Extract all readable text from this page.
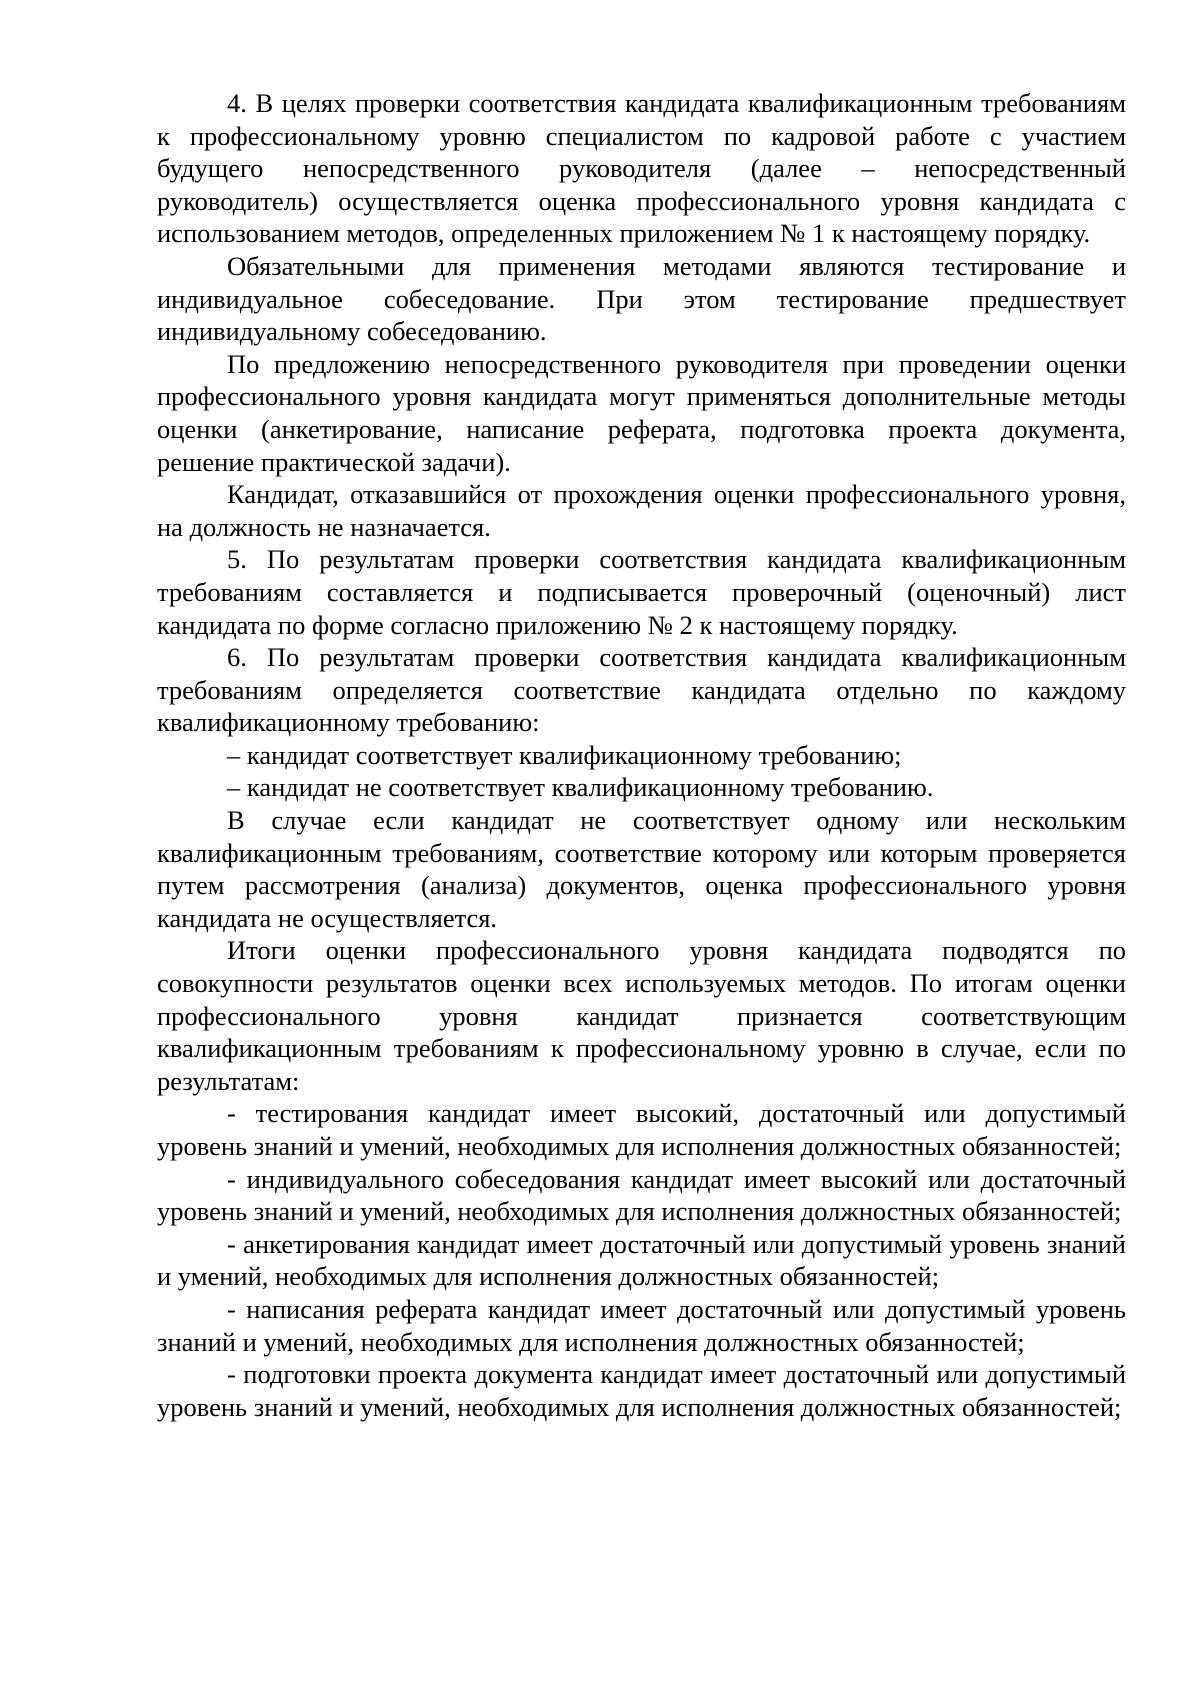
4. В целях проверки соответствия кандидата квалификационным требованиям к профессиональному уровню специалистом по кадровой работе с участием будущего непосредственного руководителя (далее – непосредственный руководитель) осуществляется оценка профессионального уровня кандидата с использованием методов, определенных приложением № 1 к настоящему порядку.

Обязательными для применения методами являются тестирование и индивидуальное собеседование. При этом тестирование предшествует индивидуальному собеседованию.

По предложению непосредственного руководителя при проведении оценки профессионального уровня кандидата могут применяться дополнительные методы оценки (анкетирование, написание реферата, подготовка проекта документа, решение практической задачи).

Кандидат, отказавшийся от прохождения оценки профессионального уровня, на должность не назначается.

5. По результатам проверки соответствия кандидата квалификационным требованиям составляется и подписывается проверочный (оценочный) лист кандидата по форме согласно приложению № 2 к настоящему порядку.

6. По результатам проверки соответствия кандидата квалификационным требованиям определяется соответствие кандидата отдельно по каждому квалификационному требованию:

– кандидат соответствует квалификационному требованию;

– кандидат не соответствует квалификационному требованию.

В случае если кандидат не соответствует одному или нескольким квалификационным требованиям, соответствие которому или которым проверяется путем рассмотрения (анализа) документов, оценка профессионального уровня кандидата не осуществляется.

Итоги оценки профессионального уровня кандидата подводятся по совокупности результатов оценки всех используемых методов. По итогам оценки профессионального уровня кандидат признается соответствующим квалификационным требованиям к профессиональному уровню в случае, если по результатам:

- тестирования кандидат имеет высокий, достаточный или допустимый уровень знаний и умений, необходимых для исполнения должностных обязанностей;

- индивидуального собеседования кандидат имеет высокий или достаточный уровень знаний и умений, необходимых для исполнения должностных обязанностей;

- анкетирования кандидат имеет достаточный или допустимый уровень знаний и умений, необходимых для исполнения должностных обязанностей;

- написания реферата кандидат имеет достаточный или допустимый уровень знаний и умений, необходимых для исполнения должностных обязанностей;

- подготовки проекта документа кандидат имеет достаточный или допустимый уровень знаний и умений, необходимых для исполнения должностных обязанностей;
